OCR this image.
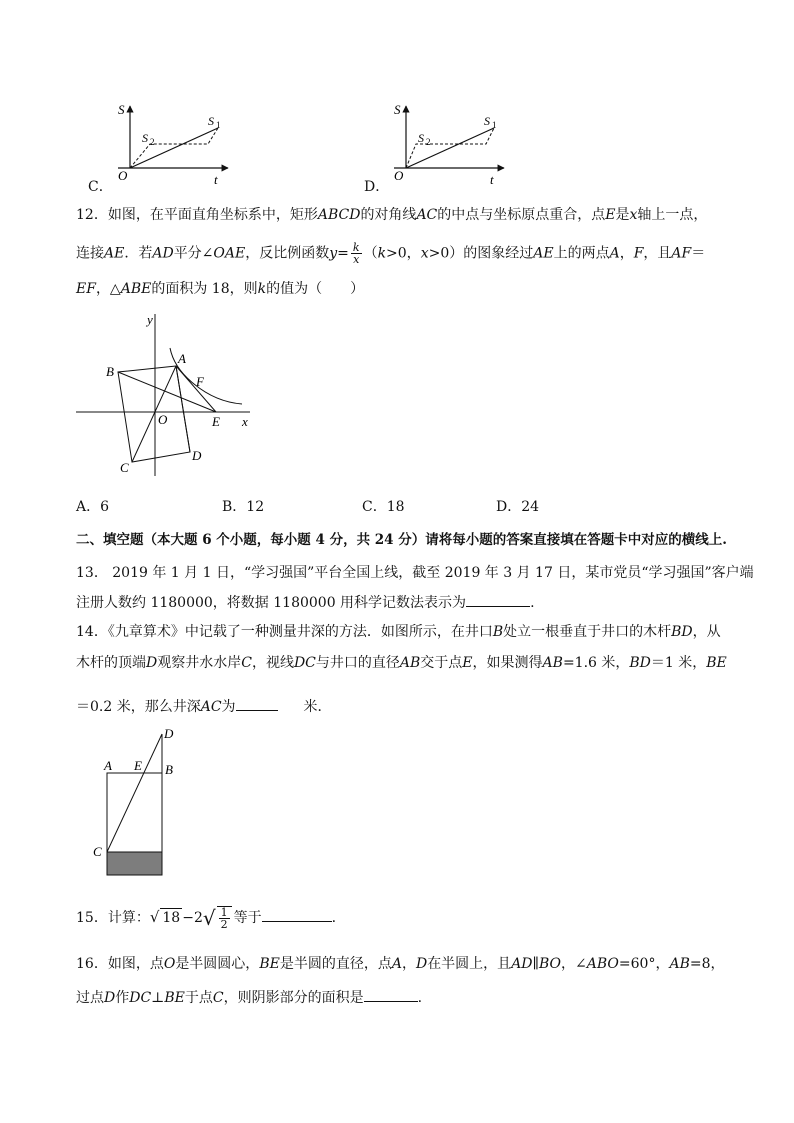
S
t
O
S 1
S 2
C．
S
t
O
S 1
S 2
D．
12．如图，在平面直角坐标系中，矩形ABCD的对角线AC的中点与坐标原点重合，点E是x轴上一点，
连接AE．若AD平分∠OAE，反比例函数$y= \frac{k}{x} (k>0$，x>0）的图象经过AE上的两点A，F，且AF＝
EF，△ABE的面积为 18，则k的值为（　　）
y
x
A
B
C
D
E
F
O
A．6	B．12	C．18	D．24
二、填空题（本大题 6 个小题，每小题 4 分，共 24 分）请将每小题的答案直接填在答题卡中对应的横线上.
13． 2019 年 1 月 1 日，“学习强国”平台全国上线，截至 2019 年 3 月 17 日，某市党员“学习强国”客户端
注册人数约 1180000，将数据 1180000 用科学记数法表示为	.
14．《九章算术》中记载了一种测量井深的方法．如图所示，在井口B处立一根垂直于井口的木杆BD，从
木杆的顶端D观察井水水岸C，视线DC与井口的直径AB交于点E，如果测得AB=1.6 米，BD＝1 米，BE
＝0.2 米，那么井深AC为	米．
A E B
C
D
15．计算：√ $18 -2√ \frac{1}{2}$ 等于	.
16．如图，点O是半圆圆心，BE是半圆的直径，点A，D在半圆上，且AD∥BO，∠ABO=60°，AB=8，
过点D作DC⊥BE于点C，则阴影部分的面积是	.
